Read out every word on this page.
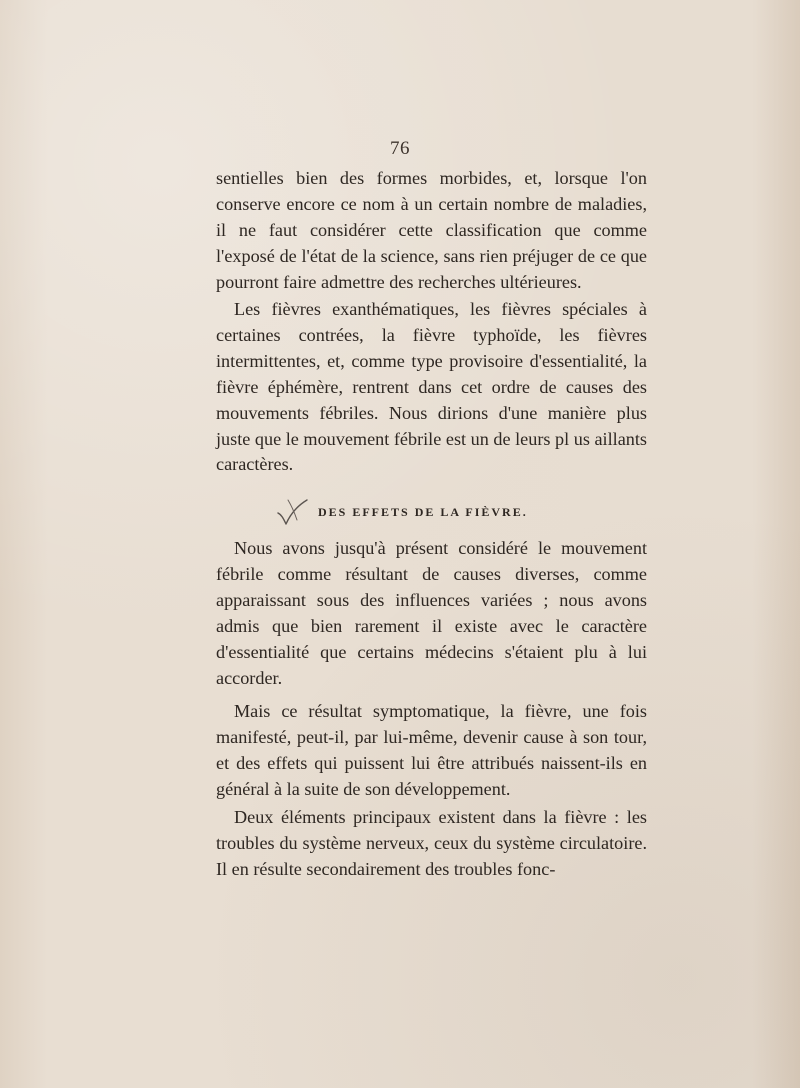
76

sentielles bien des formes morbides, et, lorsque l'on conserve encore ce nom à un certain nombre de maladies, il ne faut considérer cette classification que comme l'exposé de l'état de la science, sans rien préjuger de ce que pourront faire admettre des recherches ultérieures.

Les fièvres exanthématiques, les fièvres spéciales à certaines contrées, la fièvre typhoïde, les fièvres intermittentes, et, comme type provisoire d'essentialité, la fièvre éphémère, rentrent dans cet ordre de causes des mouvements fébriles. Nous dirions d'une manière plus juste que le mouvement fébrile est un de leurs pl us aillants caractères.

DES EFFETS DE LA FIÈVRE.

Nous avons jusqu'à présent considéré le mouvement fébrile comme résultant de causes diverses, comme apparaissant sous des influences variées ; nous avons admis que bien rarement il existe avec le caractère d'essentialité que certains médecins s'étaient plu à lui accorder.

Mais ce résultat symptomatique, la fièvre, une fois manifesté, peut-il, par lui-même, devenir cause à son tour, et des effets qui puissent lui être attribués naissent-ils en général à la suite de son développement.

Deux éléments principaux existent dans la fièvre : les troubles du système nerveux, ceux du système circulatoire. Il en résulte secondairement des troubles fonc-
